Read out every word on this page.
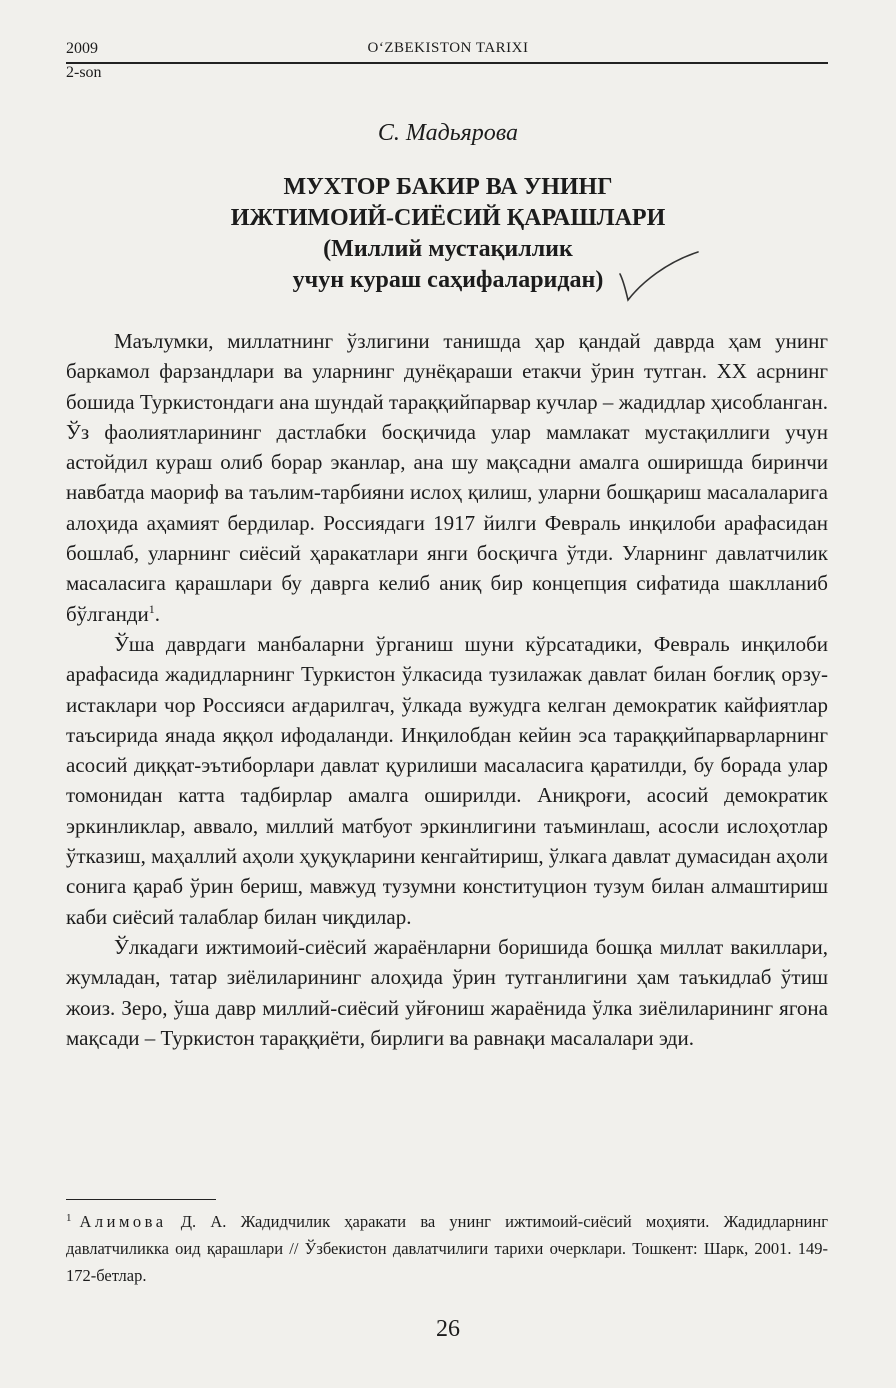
2009	O‘ZBEKISTON TARIXI
2-son
С. Мадьярова
МУХТОР БАКИР ВА УНИНГ
ИЖТИМОИЙ-СИЁСИЙ ҚАРАШЛАРИ
(Миллий мустақиллик
учун кураш саҳифаларидан)

Маълумки, миллатнинг ўзлигини танишда ҳар қандай даврда ҳам унинг баркамол фарзандлари ва уларнинг дунёқараши етакчи ўрин тутган. XX асрнинг бошида Туркистондаги ана шундай тараққийпарвар кучлар – жадидлар ҳисобланган. Ўз фаолиятларининг дастлабки босқичида улар мамлакат мустақиллиги учун астойдил кураш олиб борар эканлар, ана шу мақсадни амалга оширишда биринчи навбатда маориф ва таълим-тарбияни ислоҳ қилиш, уларни бошқариш масалаларига алоҳида аҳамият бердилар. Россиядаги 1917 йилги Февраль инқилоби арафасидан бошлаб, уларнинг сиёсий ҳаракатлари янги босқичга ўтди. Уларнинг давлатчилик масаласига қарашлари бу даврга келиб аниқ бир концепция сифатида шаклланиб бўлганди$^1$.

Ўша даврдаги манбаларни ўрганиш шуни кўрсатадики, Февраль инқилоби арафасида жадидларнинг Туркистон ўлкасида тузилажак давлат билан боғлиқ орзу-истаклари чор Россияси ағдарилгач, ўлкада вужудга келган демократик кайфиятлар таъсирида янада яққол ифодаланди. Инқилобдан кейин эса тараққийпарварларнинг асосий диққат-эътиборлари давлат қурилиши масаласига қаратилди, бу борада улар томонидан катта тадбирлар амалга оширилди. Аниқроғи, асосий демократик эркинликлар, аввало, миллий матбуот эркинлигини таъминлаш, асосли ислоҳотлар ўтказиш, маҳаллий аҳоли ҳуқуқларини кенгайтириш, ўлкага давлат думасидан аҳоли сонига қараб ўрин бериш, мавжуд тузумни конституцион тузум билан алмаштириш каби сиёсий талаблар билан чиқдилар.

Ўлкадаги ижтимоий-сиёсий жараёнларни боришида бошқа миллат вакиллари, жумладан, татар зиёлиларининг алоҳида ўрин тутганлигини ҳам таъкидлаб ўтиш жоиз. Зеро, ўша давр миллий-сиёсий уйғониш жараёнида ўлка зиёлиларининг ягона мақсади – Туркистон тараққиёти, бирлиги ва равнақи масалалари эди.

$^1$ Алимова Д. А. Жадидчилик ҳаракати ва унинг ижтимоий-сиёсий моҳияти. Жадидларнинг давлатчиликка оид қарашлари // Ўзбекистон давлатчилиги тарихи очерклари. Тошкент: Шарк, 2001. 149-172-бетлар.
26
